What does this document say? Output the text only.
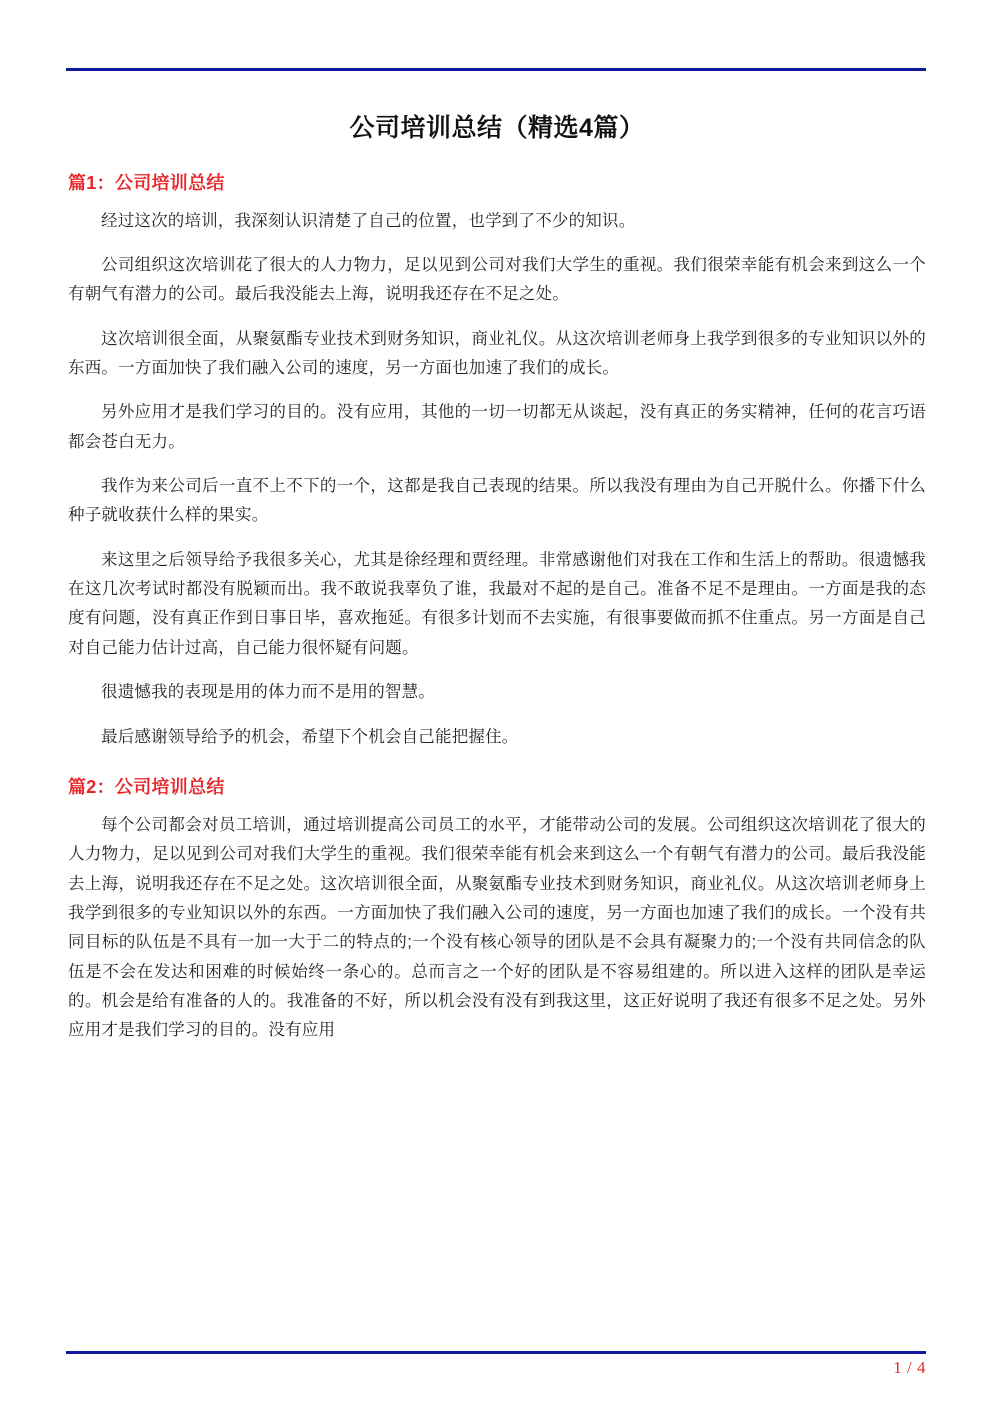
公司培训总结（精选4篇）
篇1：公司培训总结

经过这次的培训，我深刻认识清楚了自己的位置，也学到了不少的知识。

公司组织这次培训花了很大的人力物力，足以见到公司对我们大学生的重视。我们很荣幸能有机会来到这么一个有朝气有潜力的公司。最后我没能去上海，说明我还存在不足之处。

这次培训很全面，从聚氨酯专业技术到财务知识，商业礼仪。从这次培训老师身上我学到很多的专业知识以外的东西。一方面加快了我们融入公司的速度，另一方面也加速了我们的成长。

另外应用才是我们学习的目的。没有应用，其他的一切一切都无从谈起，没有真正的务实精神，任何的花言巧语都会苍白无力。

我作为来公司后一直不上不下的一个，这都是我自己表现的结果。所以我没有理由为自己开脱什么。你播下什么种子就收获什么样的果实。

来这里之后领导给予我很多关心，尤其是徐经理和贾经理。非常感谢他们对我在工作和生活上的帮助。很遗憾我在这几次考试时都没有脱颖而出。我不敢说我辜负了谁，我最对不起的是自己。准备不足不是理由。一方面是我的态度有问题，没有真正作到日事日毕，喜欢拖延。有很多计划而不去实施，有很事要做而抓不住重点。另一方面是自己对自己能力估计过高，自己能力很怀疑有问题。

很遗憾我的表现是用的体力而不是用的智慧。

最后感谢领导给予的机会，希望下个机会自己能把握住。

篇2：公司培训总结

每个公司都会对员工培训，通过培训提高公司员工的水平，才能带动公司的发展。公司组织这次培训花了很大的人力物力，足以见到公司对我们大学生的重视。我们很荣幸能有机会来到这么一个有朝气有潜力的公司。最后我没能去上海，说明我还存在不足之处。这次培训很全面，从聚氨酯专业技术到财务知识，商业礼仪。从这次培训老师身上我学到很多的专业知识以外的东西。一方面加快了我们融入公司的速度，另一方面也加速了我们的成长。一个没有共同目标的队伍是不具有一加一大于二的特点的;一个没有核心领导的团队是不会具有凝聚力的;一个没有共同信念的队伍是不会在发达和困难的时候始终一条心的。总而言之一个好的团队是不容易组建的。所以进入这样的团队是幸运的。机会是给有准备的人的。我准备的不好，所以机会没有没有到我这里，这正好说明了我还有很多不足之处。另外应用才是我们学习的目的。没有应用

1 / 4
